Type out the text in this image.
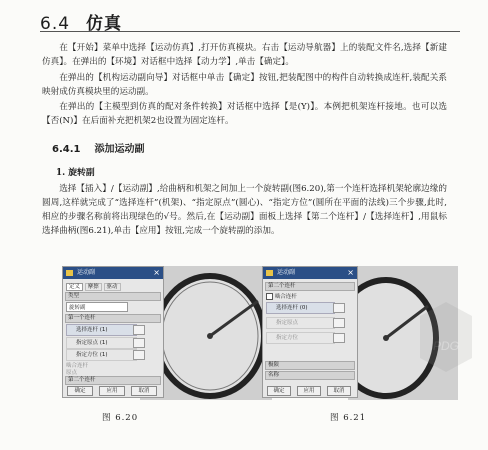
6.4 仿真
在【开始】菜单中选择【运动仿真】,打开仿真模块。右击【运动导航器】上的装配文件名,选择【新建仿真】。在弹出的【环境】对话框中选择【动力学】,单击【确定】。
在弹出的【机构运动副向导】对话框中单击【确定】按钮,把装配图中的构件自动转换成连杆,装配关系映射成仿真模块里的运动副。
在弹出的【主模型到仿真的配对条件转换】对话框中选择【是(Y)】。本例把机架连杆接地。也可以选【否(N)】在后面补充把机架2也设置为固定连杆。
6.4.1 添加运动副
1. 旋转副
选择【插入】/【运动副】,给曲柄和机架之间加上一个旋转副(图6.20),第一个连杆选择机架轮廓边缘的圆周,这样就完成了“选择连杆”(机架)、“指定原点”(圆心)、“指定方位”(圆所在平面的法线)三个步骤,此时,相应的步骤名称前将出现绿色的√号。然后,在【运动副】面板上选择【第二个连杆】/【选择连杆】,用鼠标选择曲柄(图6.21),单击【应用】按钮,完成一个旋转副的添加。
运动副	×
定义 摩擦 驱动
类型
旋转副
第一个连杆
选择连杆 (1)
指定原点 (1)
指定方位 (1)
啮合连杆
原点
第二个连杆
确定	应用	取消
图 6.20
运动副	×
第二个连杆
啮合连杆
选择连杆 (0)
指定原点
指定方位
极限
名称
确定	应用	取消
图 6.21
PDG
